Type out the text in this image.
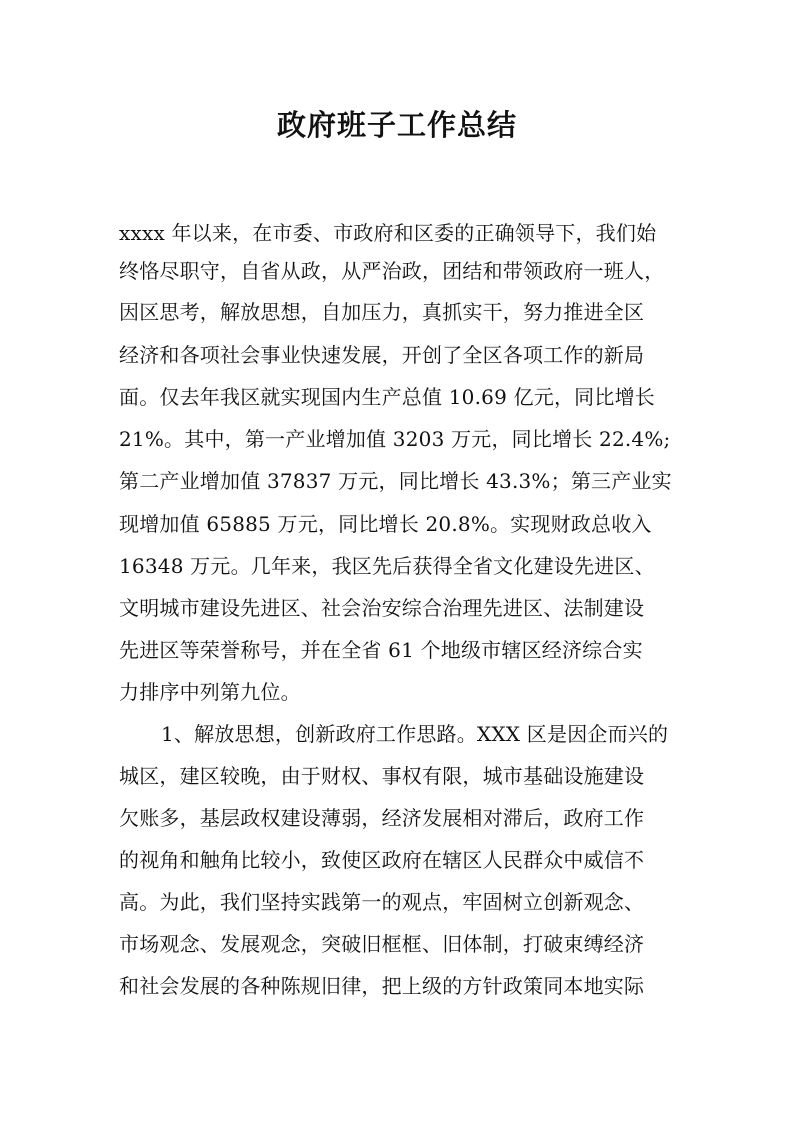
政府班子工作总结
xxxx 年以来，在市委、市政府和区委的正确领导下，我们始
终恪尽职守，自省从政，从严治政，团结和带领政府一班人，
因区思考，解放思想，自加压力，真抓实干，努力推进全区
经济和各项社会事业快速发展，开创了全区各项工作的新局
面。仅去年我区就实现国内生产总值 10.69 亿元，同比增长
21%。其中，第一产业增加值 3203 万元，同比增长 22.4%;
第二产业增加值 37837 万元，同比增长 43.3%；第三产业实
现增加值 65885 万元，同比增长 20.8%。实现财政总收入
16348 万元。几年来，我区先后获得全省文化建设先进区、
文明城市建设先进区、社会治安综合治理先进区、法制建设
先进区等荣誉称号，并在全省 61 个地级市辖区经济综合实
力排序中列第九位。
1、解放思想，创新政府工作思路。XXX 区是因企而兴的
城区，建区较晚，由于财权、事权有限，城市基础设施建设
欠账多，基层政权建设薄弱，经济发展相对滞后，政府工作
的视角和触角比较小，致使区政府在辖区人民群众中威信不
高。为此，我们坚持实践第一的观点，牢固树立创新观念、
市场观念、发展观念，突破旧框框、旧体制，打破束缚经济
和社会发展的各种陈规旧律，把上级的方针政策同本地实际
